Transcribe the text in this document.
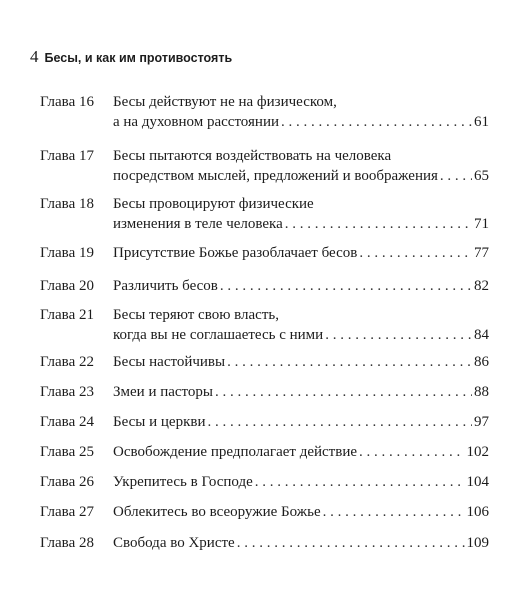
4 Бесы, и как им противостоять
Глава 16 Бесы действуют не на физическом,
а на духовном расстоянии . . .	61
Глава 17 Бесы пытаются воздействовать на человека
посредством мыслей, предложений и воображения . . . 65
Глава 18 Бесы провоцируют физические
изменения в теле человека . . .	71
Глава 19 Присутствие Божье разоблачает бесов . . .	77
Глава 20 Различить бесов . . .	82
Глава 21 Бесы теряют свою власть,
когда вы не соглашаетесь с ними . . .	84
Глава 22 Бесы настойчивы . . .	86
Глава 23 Змеи и пасторы . . .	88
Глава 24 Бесы и церкви . . .	97
Глава 25 Освобождение предполагает действие . . .	102
Глава 26 Укрепитесь в Господе . . .	104
Глава 27 Облекитесь во всеоружие Божье . . .	106
Глава 28 Свобода во Христе . . .	109
